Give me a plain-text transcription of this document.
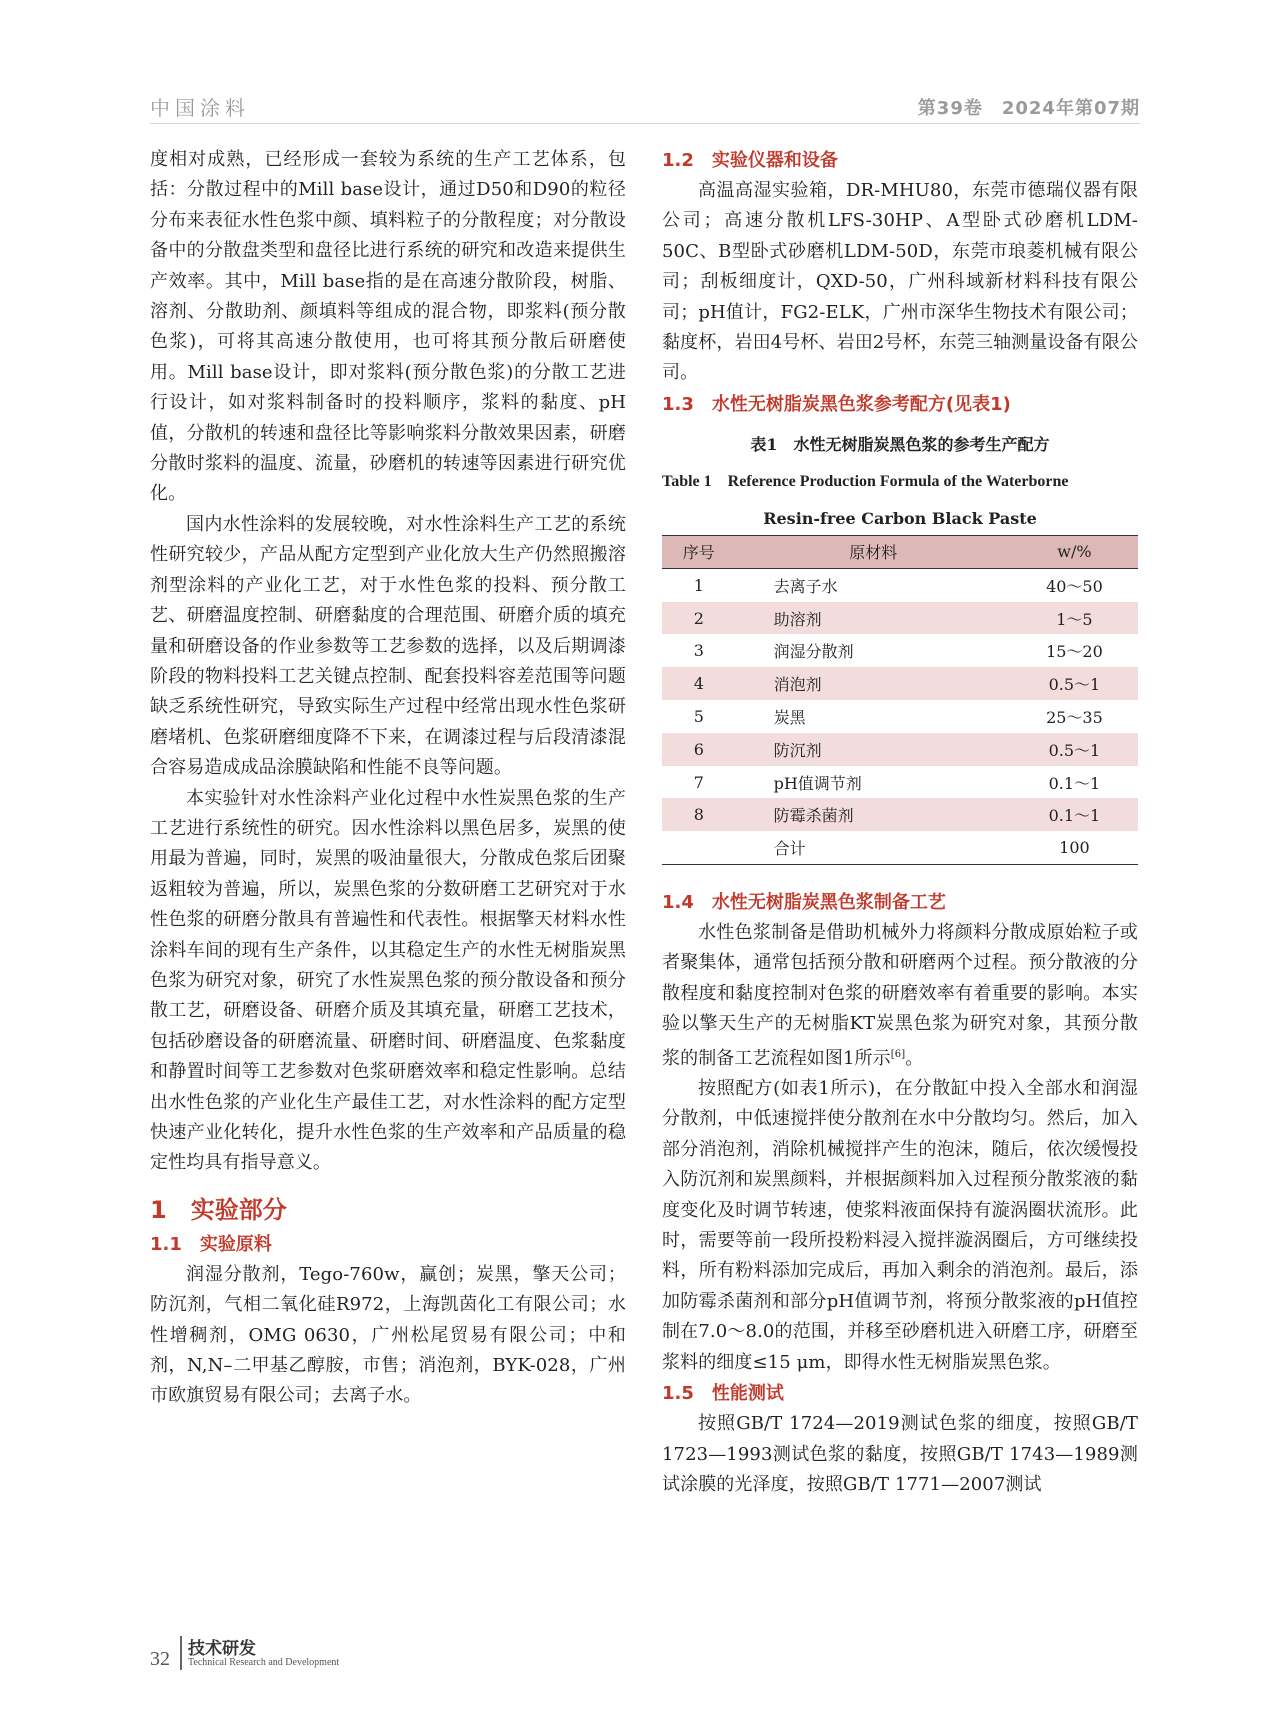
中国涂料	第39卷　2024年第07期

度相对成熟，已经形成一套较为系统的生产工艺体系，包括：分散过程中的Mill base设计，通过D50和D90的粒径分布来表征水性色浆中颜、填料粒子的分散程度；对分散设备中的分散盘类型和盘径比进行系统的研究和改造来提供生产效率。其中，Mill base指的是在高速分散阶段，树脂、溶剂、分散助剂、颜填料等组成的混合物，即浆料(预分散色浆)，可将其高速分散使用，也可将其预分散后研磨使用。Mill base设计，即对浆料(预分散色浆)的分散工艺进行设计，如对浆料制备时的投料顺序，浆料的黏度、pH值，分散机的转速和盘径比等影响浆料分散效果因素，研磨分散时浆料的温度、流量，砂磨机的转速等因素进行研究优化。

国内水性涂料的发展较晚，对水性涂料生产工艺的系统性研究较少，产品从配方定型到产业化放大生产仍然照搬溶剂型涂料的产业化工艺，对于水性色浆的投料、预分散工艺、研磨温度控制、研磨黏度的合理范围、研磨介质的填充量和研磨设备的作业参数等工艺参数的选择，以及后期调漆阶段的物料投料工艺关键点控制、配套投料容差范围等问题缺乏系统性研究，导致实际生产过程中经常出现水性色浆研磨堵机、色浆研磨细度降不下来，在调漆过程与后段清漆混合容易造成成品涂膜缺陷和性能不良等问题。

本实验针对水性涂料产业化过程中水性炭黑色浆的生产工艺进行系统性的研究。因水性涂料以黑色居多，炭黑的使用最为普遍，同时，炭黑的吸油量很大，分散成色浆后团聚返粗较为普遍，所以，炭黑色浆的分数研磨工艺研究对于水性色浆的研磨分散具有普遍性和代表性。根据擎天材料水性涂料车间的现有生产条件，以其稳定生产的水性无树脂炭黑色浆为研究对象，研究了水性炭黑色浆的预分散设备和预分散工艺，研磨设备、研磨介质及其填充量，研磨工艺技术，包括砂磨设备的研磨流量、研磨时间、研磨温度、色浆黏度和静置时间等工艺参数对色浆研磨效率和稳定性影响。总结出水性色浆的产业化生产最佳工艺，对水性涂料的配方定型快速产业化转化，提升水性色浆的生产效率和产品质量的稳定性均具有指导意义。

1　实验部分

1.1　实验原料

润湿分散剂，Tego-760w，赢创；炭黑，擎天公司；防沉剂，气相二氧化硅R972，上海凯茵化工有限公司；水性增稠剂，OMG 0630，广州松尾贸易有限公司；中和剂，N,N–二甲基乙醇胺，市售；消泡剂，BYK-028，广州市欧旗贸易有限公司；去离子水。

1.2　实验仪器和设备

高温高湿实验箱，DR-MHU80，东莞市德瑞仪器有限公司；高速分散机LFS-30HP、A型卧式砂磨机LDM-50C、B型卧式砂磨机LDM-50D，东莞市琅菱机械有限公司；刮板细度计，QXD-50，广州科域新材料科技有限公司；pH值计，FG2-ELK，广州市深华生物技术有限公司；黏度杯，岩田4号杯、岩田2号杯，东莞三轴测量设备有限公司。

1.3　水性无树脂炭黑色浆参考配方(见表1)

表1　水性无树脂炭黑色浆的参考生产配方
Table 1　Reference Production Formula of the Waterborne
Resin-free Carbon Black Paste
序号	原材料	w/%
1	去离子水	40～50
2	助溶剂	1～5
3	润湿分散剂	15～20
4	消泡剂	0.5～1
5	炭黑	25～35
6	防沉剂	0.5～1
7	pH值调节剂	0.1～1
8	防霉杀菌剂	0.1～1
	合计	100

1.4　水性无树脂炭黑色浆制备工艺

水性色浆制备是借助机械外力将颜料分散成原始粒子或者聚集体，通常包括预分散和研磨两个过程。预分散液的分散程度和黏度控制对色浆的研磨效率有着重要的影响。本实验以擎天生产的无树脂KT炭黑色浆为研究对象，其预分散浆的制备工艺流程如图1所示[6]。

按照配方(如表1所示)，在分散缸中投入全部水和润湿分散剂，中低速搅拌使分散剂在水中分散均匀。然后，加入部分消泡剂，消除机械搅拌产生的泡沫，随后，依次缓慢投入防沉剂和炭黑颜料，并根据颜料加入过程预分散浆液的黏度变化及时调节转速，使浆料液面保持有漩涡圈状流形。此时，需要等前一段所投粉料浸入搅拌漩涡圈后，方可继续投料，所有粉料添加完成后，再加入剩余的消泡剂。最后，添加防霉杀菌剂和部分pH值调节剂，将预分散浆液的pH值控制在7.0～8.0的范围，并移至砂磨机进入研磨工序，研磨至浆料的细度≤15 μm，即得水性无树脂炭黑色浆。

1.5　性能测试

按照GB/T 1724—2019测试色浆的细度，按照GB/T 1723—1993测试色浆的黏度，按照GB/T 1743—1989测试涂膜的光泽度，按照GB/T 1771—2007测试

32 技术研发
Technical Research and Development
